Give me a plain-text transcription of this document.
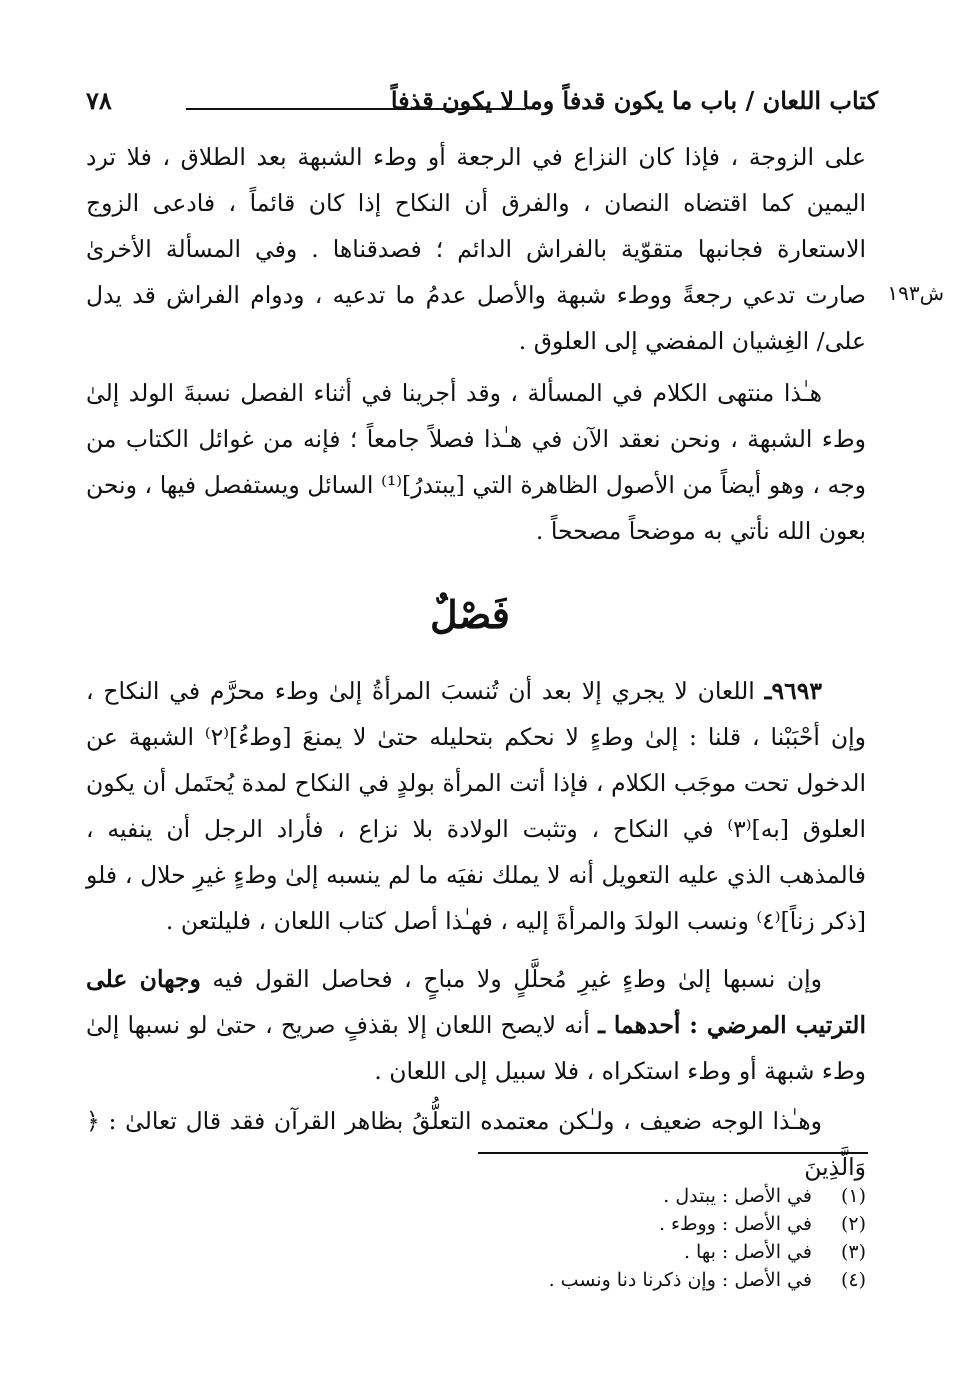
كتاب اللعان / باب ما يكون قدفاً وما لا يكون قذفاً
٧٨
على الزوجة ، فإذا كان النزاع في الرجعة أو وطء الشبهة بعد الطلاق ، فلا ترد اليمين كما اقتضاه النصان ، والفرق أن النكاح إذا كان قائماً ، فادعى الزوج الاستعارة فجانبها متقوّية بالفراش الدائم ؛ فصدقناها . وفي المسألة الأخرىٰ صارت تدعي رجعةً ووطء شبهة والأصل عدمُ ما تدعيه ، ودوام الفراش قد يدل على/ الغِشيان المفضي إلى العلوق .
ش١٩٣
هـٰذا منتهى الكلام في المسألة ، وقد أجرينا في أثناء الفصل نسبةَ الولد إلىٰ وطء الشبهة ، ونحن نعقد الآن في هـٰذا فصلاً جامعاً ؛ فإنه من غوائل الكتاب من وجه ، وهو أيضاً من الأصول الظاهرة التي [يبتدرُ]⁽¹⁾ السائل ويستفصل فيها ، ونحن بعون الله نأتي به موضحاً مصححاً .
فَصْلٌ
٩٦٩٣ـ اللعان لا يجري إلا بعد أن تُنسبَ المرأةُ إلىٰ وطء محرَّم في النكاح ، وإن أحْبَبْنا ، قلنا : إلىٰ وطءٍ لا نحكم بتحليله حتىٰ لا يمنعَ [وطءُ]⁽٢⁾ الشبهة عن الدخول تحت موجَب الكلام ، فإذا أتت المرأة بولدٍ في النكاح لمدة يُحتَمل أن يكون العلوق [به]⁽٣⁾ في النكاح ، وتثبت الولادة بلا نزاع ، فأراد الرجل أن ينفيه ، فالمذهب الذي عليه التعويل أنه لا يملك نفيَه ما لم ينسبه إلىٰ وطءٍ غيرِ حلال ، فلو [ذكر زناً]⁽٤⁾ ونسب الولدَ والمرأةَ إليه ، فهـٰذا أصل كتاب اللعان ، فليلتعن .
وإن نسبها إلىٰ وطءٍ غيرِ مُحلَّلٍ ولا مباحٍ ، فحاصل القول فيه وجهان على الترتيب المرضي : أحدهما ـ أنه لايصح اللعان إلا بقذفٍ صريح ، حتىٰ لو نسبها إلىٰ وطء شبهة أو وطء استكراه ، فلا سبيل إلى اللعان .
وهـٰذا الوجه ضعيف ، ولـٰكن معتمده التعلُّقُ بظاهر القرآن فقد قال تعالىٰ : ﴿ وَالَّذِينَ
(١) في الأصل : يبتدل .
(٢) في الأصل : ووطء .
(٣) في الأصل : بها .
(٤) في الأصل : وإن ذكرنا دنا ونسب .
